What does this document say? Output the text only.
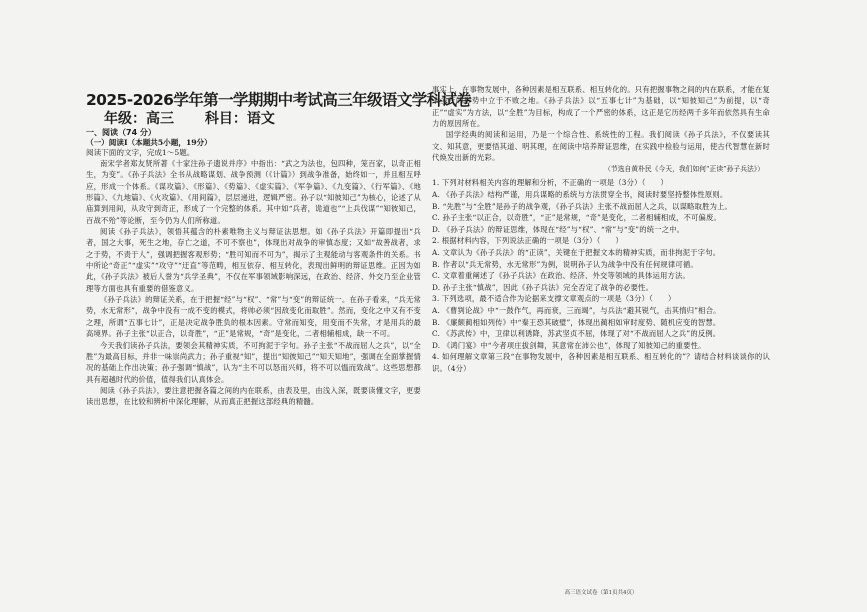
2025-2026学年第一学期期中考试高三年级语文学科试卷
年级：高三 科目：语文
一、阅读（74 分）
（一）阅读Ⅰ（本题共5小题，19分）
阅读下面的文字，完成1～5题。

南宋学者郑友贤所著《十家注孙子遗说并序》中指出：“武之为法也，包四种，笼百家，以奇正相生，为变”。《孙子兵法》全书从战略谋划、战争预测（《计篇》）到战争准备，始终如一，并且相互呼应，形成一个体系。《谋攻篇》、《形篇》、《势篇》、《虚实篇》、《军争篇》、《九变篇》、《行军篇》、《地形篇》、《九地篇》、《火攻篇》、《用间篇》，层层递进，逻辑严密。孙子以“知彼知己”为核心，论述了从庙算到用间，从攻守到奇正，形成了一个完整的体系。其中如“兵者，诡道也”“上兵伐谋”“知彼知己，百战不殆”等论断，至今仍为人们所称道。

阅读《孙子兵法》，领悟其蕴含的朴素唯物主义与辩证法思想。如《孙子兵法》开篇即提出“兵者，国之大事，死生之地，存亡之道，不可不察也”，体现出对战争的审慎态度；又如“故善战者，求之于势，不责于人”，强调把握客观形势；“胜可知而不可为”，揭示了主观能动与客观条件的关系。书中所论“奇正”“虚实”“攻守”“迂直”等范畴，相互依存、相互转化，表现出鲜明的辩证思维。正因为如此，《孙子兵法》被后人誉为“兵学圣典”，不仅在军事领域影响深远，在政治、经济、外交乃至企业管理等方面也具有重要的借鉴意义。

《孙子兵法》的辩证关系，在于把握“经”与“权”、“常”与“变”的辩证统一。在孙子看来，“兵无常势，水无常形”，战争中没有一成不变的模式，将帅必须“因敌变化而取胜”。然而，变化之中又有不变之理，所谓“五事七计”，正是决定战争胜负的根本因素。守常而知变，用变而不失常，才是用兵的最高境界。孙子主张“以正合，以奇胜”，“正”是常规，“奇”是变化，二者相辅相成，缺一不可。

今天我们读孙子兵法，要领会其精神实质，不可拘泥于字句。孙子主张“不战而屈人之兵”，以“全胜”为最高目标，并非一味崇尚武力；孙子重视“知”，提出“知彼知己”“知天知地”，强调在全面掌握情况的基础上作出决策；孙子强调“慎战”，认为“主不可以怒而兴师，将不可以愠而致战”。这些思想都具有超越时代的价值，值得我们认真体会。

阅读《孙子兵法》，要注意把握各篇之间的内在联系，由表及里，由浅入深，既要读懂文字，更要读出思想，在比较和辨析中深化理解，从而真正把握这部经典的精髓。

事实上，在事物发展中，各种因素是相互联系、相互转化的。只有把握事物之间的内在联系，才能在复杂多变的形势中立于不败之地。《孙子兵法》以“五事七计”为基础，以“知彼知己”为前提，以“奇正”“虚实”为方法，以“全胜”为目标，构成了一个严密的体系，这正是它历经两千多年而依然具有生命力的原因所在。

国学经典的阅读和运用，乃是一个综合性、系统性的工程。我们阅读《孙子兵法》，不仅要读其文、知其意，更要悟其道、明其理，在阅读中培养辩证思维，在实践中检验与运用，使古代智慧在新时代焕发出新的光彩。

（节选自黄朴民《今天，我们如何“正读”孙子兵法》）

1. 下列对材料相关内容的理解和分析，不正确的一项是（3分）（　　）

A. 《孙子兵法》结构严谨，用兵谋略的系统与方法贯穿全书，阅读时要坚持整体性原则。

B. “先胜”与“全胜”是孙子的战争观，《孙子兵法》主张不战而屈人之兵，以谋略取胜为上。

C. 孙子主张“以正合，以奇胜”，“正”是常规，“奇”是变化，二者相辅相成，不可偏废。

D. 《孙子兵法》的辩证思维，体现在“经”与“权”、“常”与“变”的统一之中。

2. 根据材料内容，下列说法正确的一项是（3分）（　　）

A. 文章认为《孙子兵法》的“正读”，关键在于把握文本的精神实质，而非拘泥于字句。

B. 作者以“兵无常势，水无常形”为例，说明孙子认为战争中没有任何规律可循。

C. 文章着重阐述了《孙子兵法》在政治、经济、外交等领域的具体运用方法。

D. 孙子主张“慎战”，因此《孙子兵法》完全否定了战争的必要性。

3. 下列选项，最不适合作为论据来支撑文章观点的一项是（3分）（　　）

A. 《曹刿论战》中“一鼓作气，再而衰，三而竭”，与兵法“避其锐气，击其惰归”相合。

B. 《廉颇蔺相如列传》中“秦王恐其破璧”，体现出蔺相如审时度势、随机应变的智慧。

C. 《苏武传》中，卫律以利诱降，苏武坚贞不屈，体现了对“不战而屈人之兵”的反例。

D. 《鸿门宴》中“今者项庄拔剑舞，其意常在沛公也”，体现了知彼知己的重要性。

4. 如何理解文章第三段“在事物发展中，各种因素是相互联系、相互转化的”？请结合材料谈谈你的认识。（4分）

高三语文试卷（第1页共4页）
